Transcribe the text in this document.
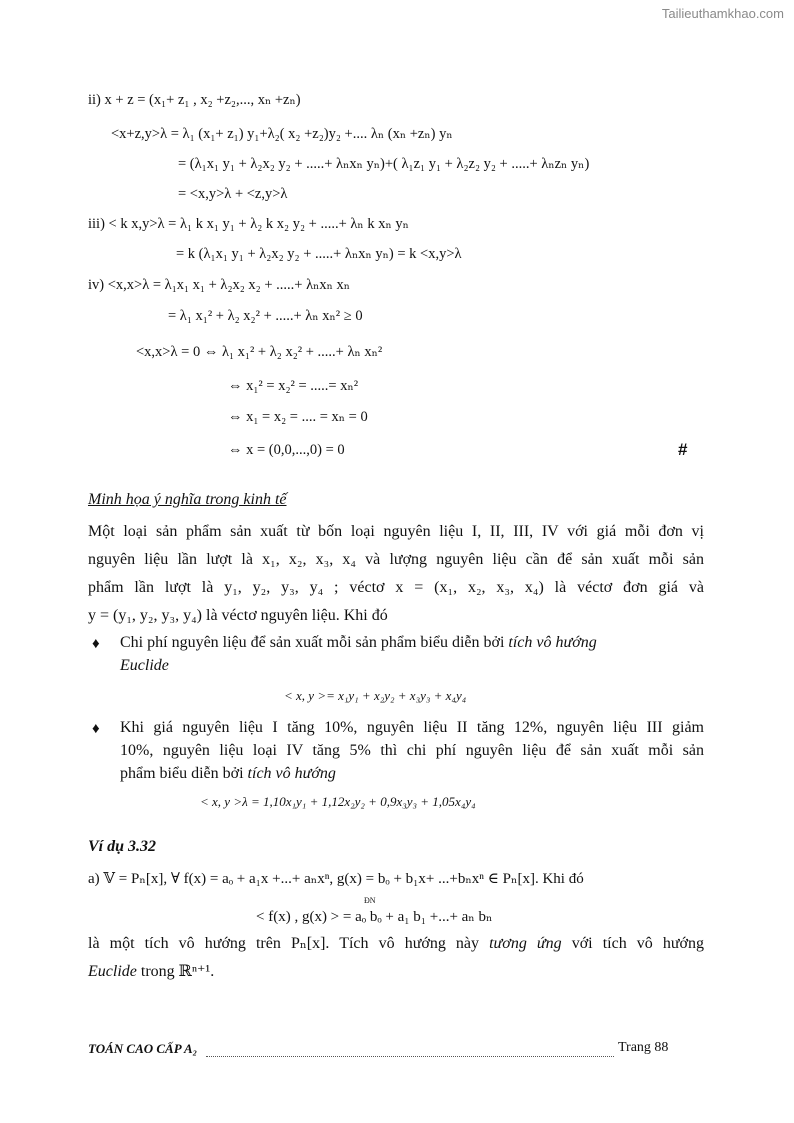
Tailieuthamkhao.com
ii) x + z = (x₁+ z₁ , x₂ +z₂,..., xₙ +zₙ)
<x+z,y>λ = λ₁ (x₁+ z₁) y₁+λ₂( x₂ +z₂)y₂ +.... λₙ (xₙ +zₙ) yₙ
= (λ₁x₁ y₁ + λ₂x₂ y₂ + .....+ λₙxₙ yₙ)+( λ₁z₁ y₁ + λ₂z₂ y₂ + .....+ λₙzₙ yₙ)
= <x,y>λ + <z,y>λ
iii) < k x,y>λ = λ₁ k x₁ y₁ + λ₂ k x₂ y₂ + .....+ λₙ k xₙ yₙ
= k (λ₁x₁ y₁ + λ₂x₂ y₂ + .....+ λₙxₙ yₙ) = k <x,y>λ
iv) <x,x>λ = λ₁x₁ x₁ + λ₂x₂ x₂ + .....+ λₙxₙ xₙ
= λ₁ x₁² + λ₂ x₂² + .....+ λₙ xₙ² ≥ 0
<x,x>λ = 0 ⇔ λ₁ x₁² + λ₂ x₂² + .....+ λₙ xₙ²
⇔ x₁² = x₂² = .....= xₙ²
⇔ x₁ = x₂ = .... = xₙ = 0
⇔ x = (0,0,...,0) = 0	#
Minh họa ý nghĩa trong kinh tế
Một loại sản phẩm sản xuất từ bốn loại nguyên liệu I, II, III, IV với giá mỗi đơn vị
nguyên liệu lần lượt là x₁, x₂, x₃, x₄ và lượng nguyên liệu cần để sản xuất mỗi sản
phẩm lần lượt là y₁, y₂, y₃, y₄ ; véctơ x = (x₁, x₂, x₃, x₄) là véctơ đơn giá và
y = (y₁, y₂, y₃, y₄) là véctơ nguyên liệu. Khi đó
♦ Chi phí nguyên liệu để sản xuất mỗi sản phẩm biểu diễn bởi tích vô hướng
Euclide
< x, y >= x₁y₁ + x₂y₂ + x₃y₃ + x₄y₄
♦ Khi giá nguyên liệu I tăng 10%, nguyên liệu II tăng 12%, nguyên liệu III giảm
10%, nguyên liệu loại IV tăng 5% thì chi phí nguyên liệu để sản xuất mỗi sản
phẩm biểu diễn bởi tích vô hướng
< x, y >λ = 1,10x₁y₁ + 1,12x₂y₂ + 0,9x₃y₃ + 1,05x₄y₄
Ví dụ 3.32
a) 𝕍 = Pₙ[x], ∀ f(x) = aₒ + a₁x +...+ aₙxⁿ, g(x) = bₒ + b₁x+ ...+bₙxⁿ ∈ Pₙ[x]. Khi đó
ĐN
< f(x) , g(x) > = aₒ bₒ + a₁ b₁ +...+ aₙ bₙ
là một tích vô hướng trên Pₙ[x]. Tích vô hướng này tương ứng với tích vô hướng
Euclide trong ℝⁿ⁺¹.
TOÁN CAO CẤP A₂	Trang 88
